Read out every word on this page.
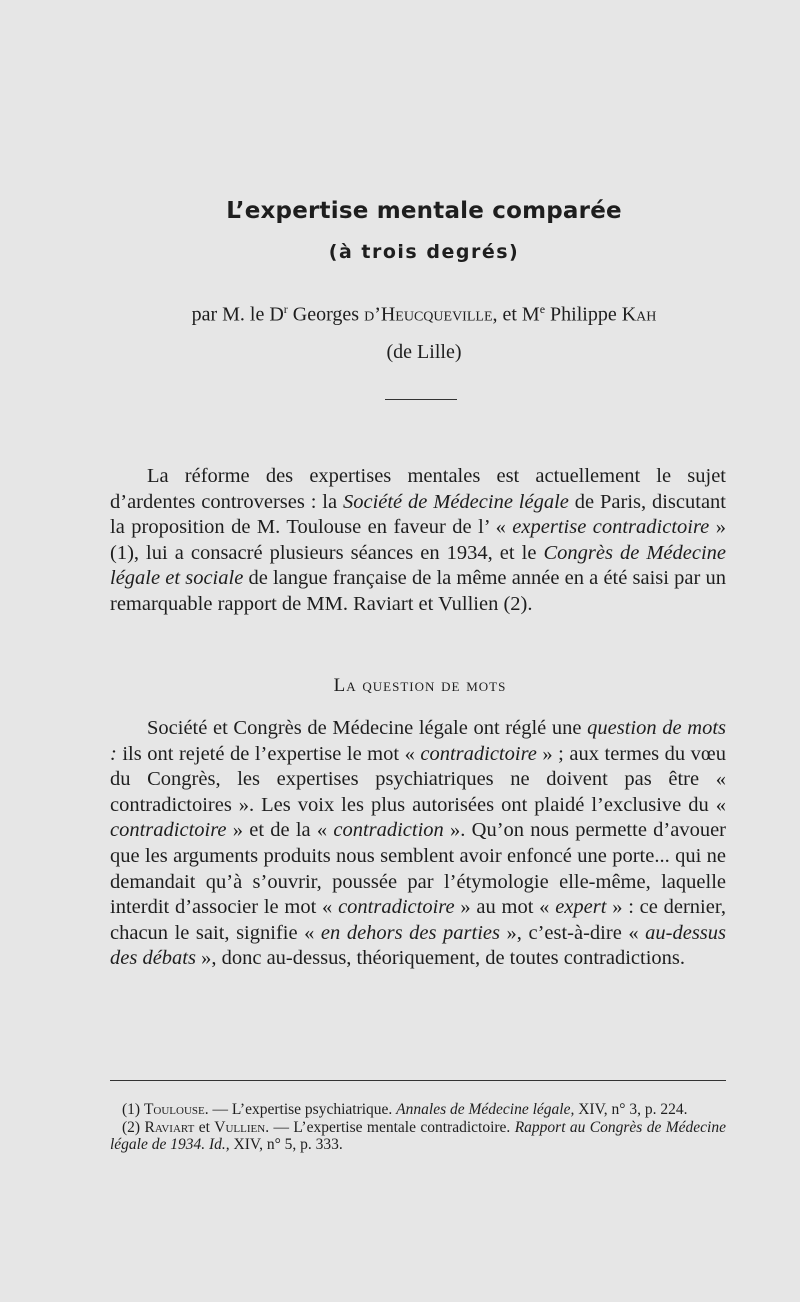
L’expertise mentale comparée
(à trois degrés)
par M. le $D^r$ Georges d’Heucqueville, et Me Philippe Kah
(de Lille)

La réforme des expertises mentales est actuellement le sujet d’ardentes controverses : la Société de Médecine légale de Paris, discutant la proposition de M. Toulouse en faveur de l’ « expertise contradictoire » (1), lui a consacré plusieurs séances en 1934, et le Congrès de Médecine légale et sociale de langue française de la même année en a été saisi par un remarquable rapport de MM. Raviart et Vullien (2).

La question de mots

Société et Congrès de Médecine légale ont réglé une question de mots : ils ont rejeté de l’expertise le mot « contradictoire » ; aux termes du vœu du Congrès, les expertises psychiatriques ne doivent pas être « contradictoires ». Les voix les plus autorisées ont plaidé l’exclusive du « contradictoire » et de la « contradiction ». Qu’on nous permette d’avouer que les arguments produits nous semblent avoir enfoncé une porte... qui ne demandait qu’à s’ouvrir, poussée par l’étymologie elle-même, laquelle interdit d’associer le mot « contradictoire » au mot « expert » : ce dernier, chacun le sait, signifie « en dehors des parties », c’est-à-dire « au-dessus des débats », donc au-dessus, théoriquement, de toutes contradictions.

(1) Toulouse. — L’expertise psychiatrique. Annales de Médecine légale, XIV, n° 3, p. 224.

(2) Raviart et Vullien. — L’expertise mentale contradictoire. Rapport au Congrès de Médecine légale de 1934. Id., XIV, n° 5, p. 333.
